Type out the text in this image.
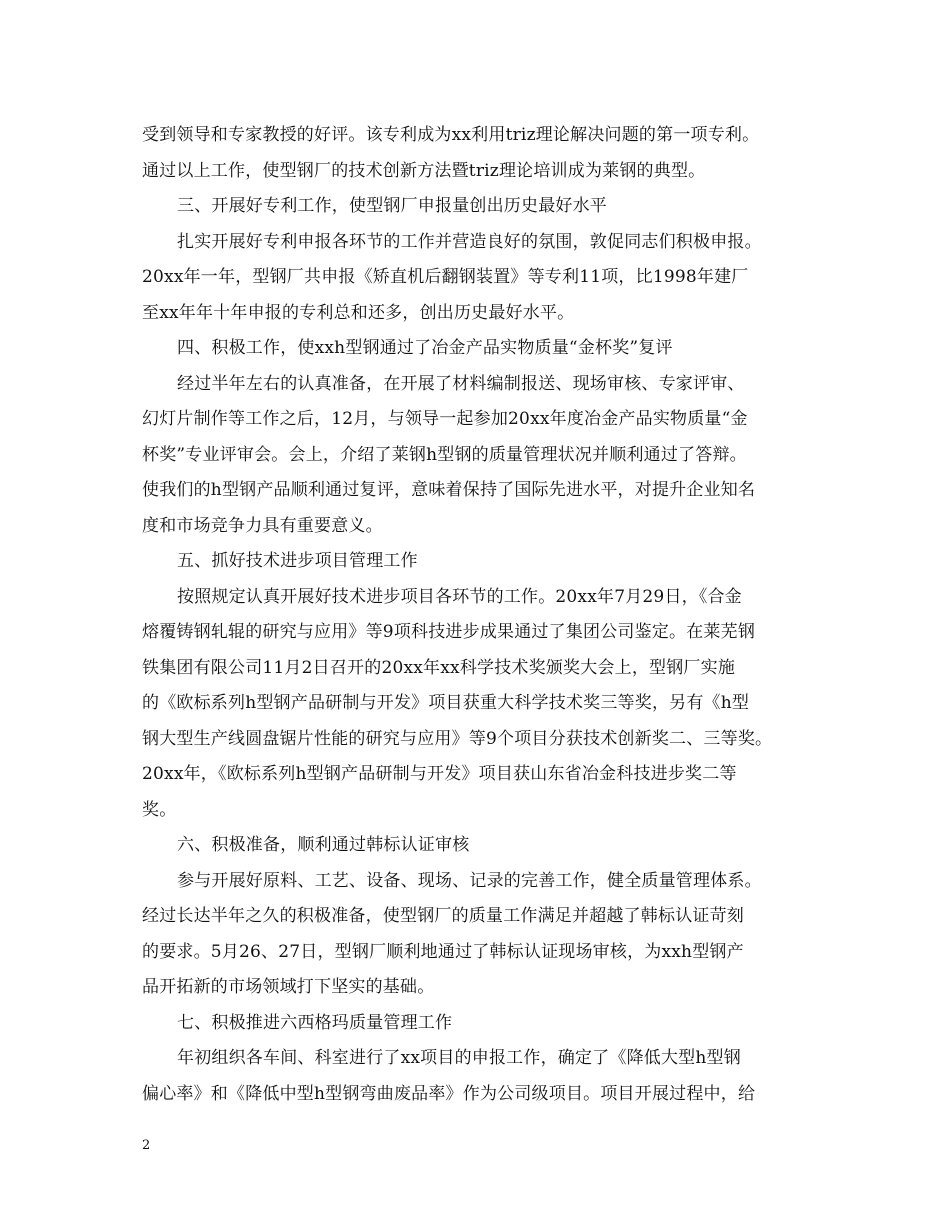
受到领导和专家教授的好评。该专利成为xx利用triz理论解决问题的第一项专利。
通过以上工作，使型钢厂的技术创新方法暨triz理论培训成为莱钢的典型。
三、开展好专利工作，使型钢厂申报量创出历史最好水平
扎实开展好专利申报各环节的工作并营造良好的氛围，敦促同志们积极申报。
20xx年一年，型钢厂共申报《矫直机后翻钢装置》等专利11项，比1998年建厂
至xx年年十年申报的专利总和还多，创出历史最好水平。
四、积极工作，使xxh型钢通过了冶金产品实物质量“金杯奖”复评
经过半年左右的认真准备，在开展了材料编制报送、现场审核、专家评审、
幻灯片制作等工作之后，12月，与领导一起参加20xx年度冶金产品实物质量“金
杯奖”专业评审会。会上，介绍了莱钢h型钢的质量管理状况并顺利通过了答辩。
使我们的h型钢产品顺利通过复评，意味着保持了国际先进水平，对提升企业知名
度和市场竞争力具有重要意义。
五、抓好技术进步项目管理工作
按照规定认真开展好技术进步项目各环节的工作。20xx年7月29日，《合金
熔覆铸钢轧辊的研究与应用》等9项科技进步成果通过了集团公司鉴定。在莱芜钢
铁集团有限公司11月2日召开的20xx年xx科学技术奖颁奖大会上，型钢厂实施
的《欧标系列h型钢产品研制与开发》项目获重大科学技术奖三等奖，另有《h型
钢大型生产线圆盘锯片性能的研究与应用》等9个项目分获技术创新奖二、三等奖。
20xx年，《欧标系列h型钢产品研制与开发》项目获山东省冶金科技进步奖二等
奖。
六、积极准备，顺利通过韩标认证审核
参与开展好原料、工艺、设备、现场、记录的完善工作，健全质量管理体系。
经过长达半年之久的积极准备，使型钢厂的质量工作满足并超越了韩标认证苛刻
的要求。5月26、27日，型钢厂顺利地通过了韩标认证现场审核，为xxh型钢产
品开拓新的市场领域打下坚实的基础。
七、积极推进六西格玛质量管理工作
年初组织各车间、科室进行了xx项目的申报工作，确定了《降低大型h型钢
偏心率》和《降低中型h型钢弯曲废品率》作为公司级项目。项目开展过程中，给
2
